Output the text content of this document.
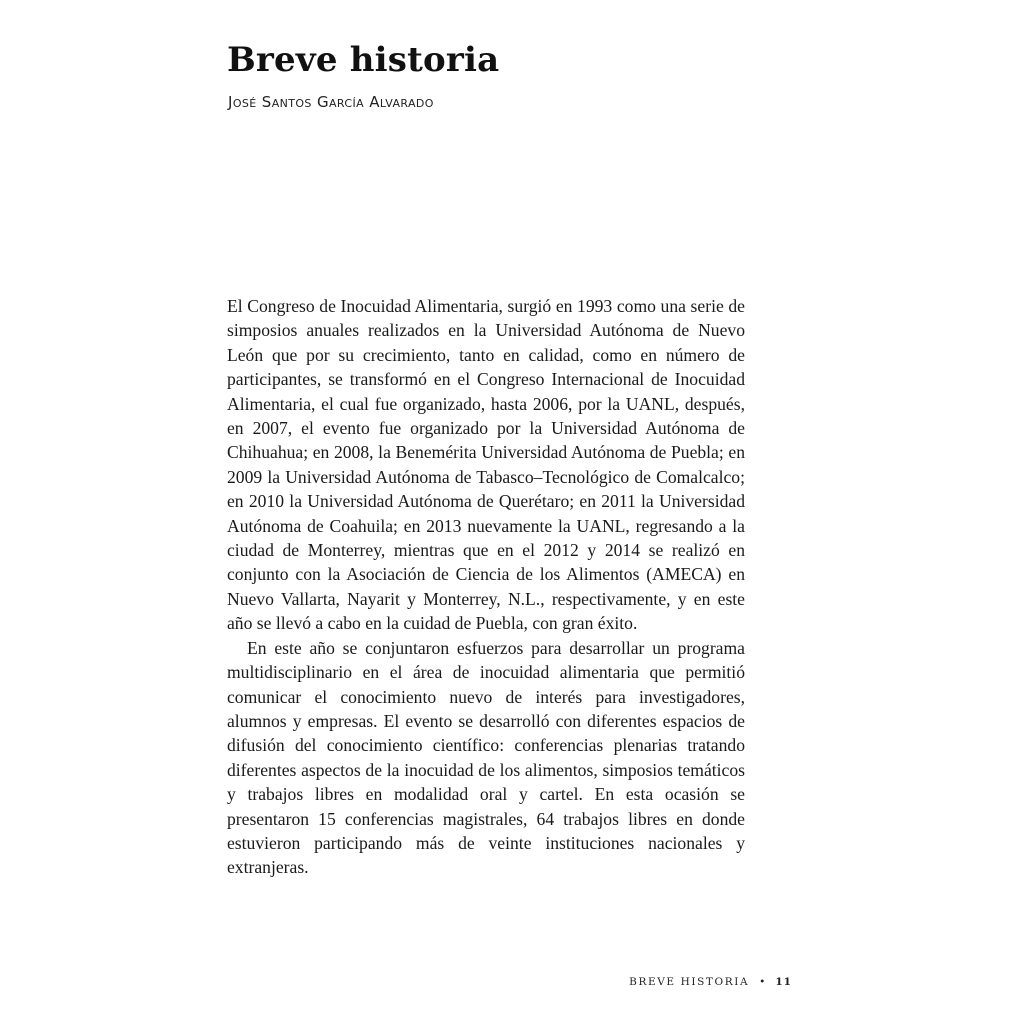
Breve historia
José Santos García Alvarado

El Congreso de Inocuidad Alimentaria, surgió en 1993 como una serie de simposios anuales realizados en la Universidad Autónoma de Nuevo León que por su crecimiento, tanto en calidad, como en número de participantes, se transformó en el Congreso Internacional de Inocuidad Alimentaria, el cual fue organizado, hasta 2006, por la UANL, después, en 2007, el evento fue organizado por la Universidad Autónoma de Chihuahua; en 2008, la Benemérita Universidad Autónoma de Puebla; en 2009 la Universidad Autónoma de Tabasco–Tecnológico de Comalcalco; en 2010 la Universidad Autónoma de Querétaro; en 2011 la Universidad Autónoma de Coahuila; en 2013 nuevamente la UANL, regresando a la ciudad de Monterrey, mientras que en el 2012 y 2014 se realizó en conjunto con la Asociación de Ciencia de los Alimentos (AMECA) en Nuevo Vallarta, Nayarit y Monterrey, N.L., respectivamente, y en este año se llevó a cabo en la cuidad de Puebla, con gran éxito.

En este año se conjuntaron esfuerzos para desarrollar un programa multidisciplinario en el área de inocuidad alimentaria que permitió comunicar el conocimiento nuevo de interés para investigadores, alumnos y empresas. El evento se desarrolló con diferentes espacios de difusión del conocimiento científico: conferencias plenarias tratando diferentes aspectos de la inocuidad de los alimentos, simposios temáticos y trabajos libres en modalidad oral y cartel. En esta ocasión se presentaron 15 conferencias magistrales, 64 trabajos libres en donde estuvieron participando más de veinte instituciones nacionales y extranjeras.

BREVE HISTORIA • 11
